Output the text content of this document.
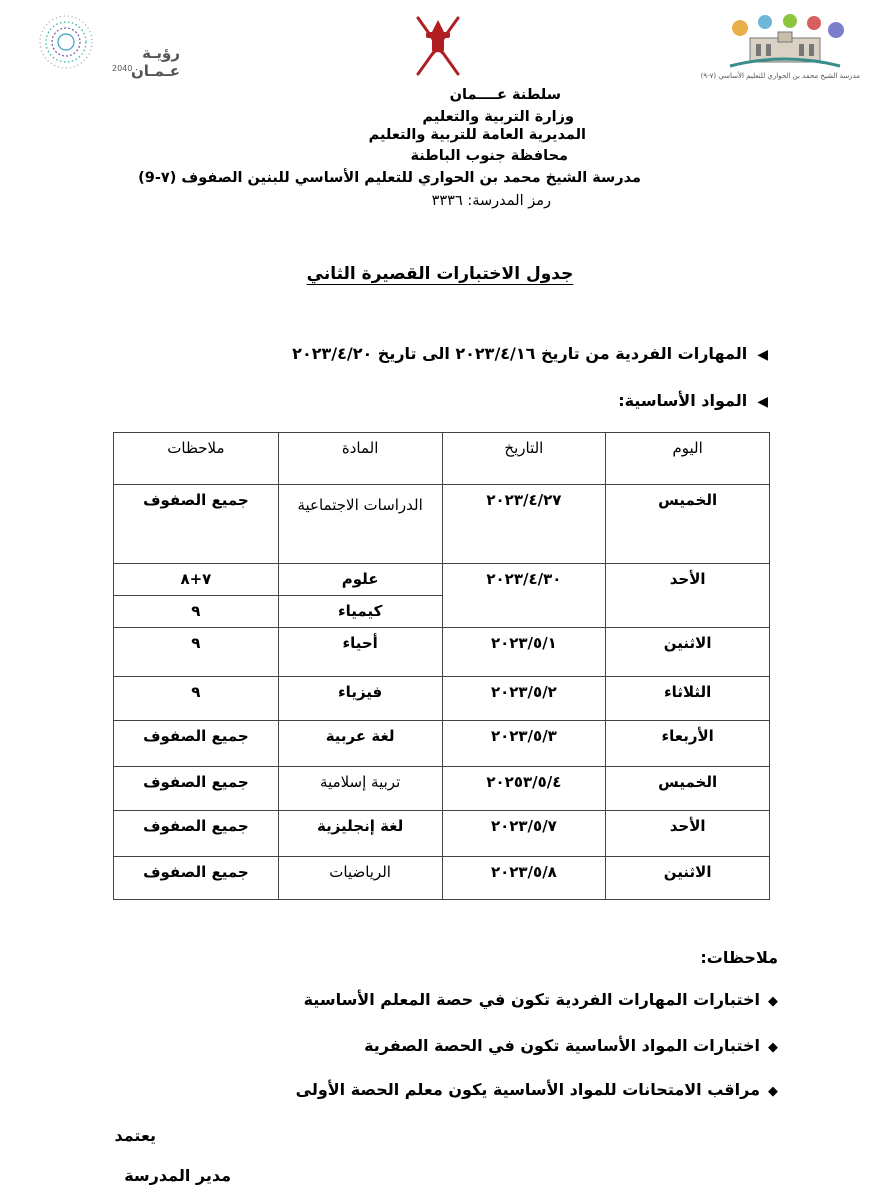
رؤيـة عـمـان
2040
مدرسة الشيخ محمد بن الحواري للتعليم الأساسي (٧-٩)
سلطنة عــــمان
وزارة التربية والتعليم
المديرية العامة للتربية والتعليم
محافظة جنوب الباطنة
مدرسة الشيخ محمد بن الحواري للتعليم الأساسي للبنين الصفوف (٧-9)
رمز المدرسة: ٣٣٣٦
جدول الاختبارات القصيرة الثاني
◀المهارات الفردية من تاريخ ٢٠٢٣/٤/١٦ الى تاريخ ٢٠٢٣/٤/٢٠
◀المواد الأساسية:
اليوم	التاريخ	المادة	ملاحظات
الخميس	٢٠٢٣/٤/٢٧	الدراسات الاجتماعية	جميع الصفوف
الأحد	٢٠٢٣/٤/٣٠	علوم	٧+٨
		كيمياء	٩
الاثنين	٢٠٢٣/٥/١	أحياء	٩
الثلاثاء	٢٠٢٣/٥/٢	فيزياء	٩
الأربعاء	٢٠٢٣/٥/٣	لغة عربية	جميع الصفوف
الخميس	٢٠٢٥٣/٥/٤	تربية إسلامية	جميع الصفوف
الأحد	٢٠٢٣/٥/٧	لغة إنجليزية	جميع الصفوف
الاثنين	٢٠٢٣/٥/٨	الرياضيات	جميع الصفوف
ملاحظات:
◆اختبارات المهارات الفردية تكون في حصة المعلم الأساسية
◆اختبارات المواد الأساسية تكون في الحصة الصفرية
◆مراقب الامتحانات للمواد الأساسية يكون معلم الحصة الأولى
يعتمد
مدير المدرسة
